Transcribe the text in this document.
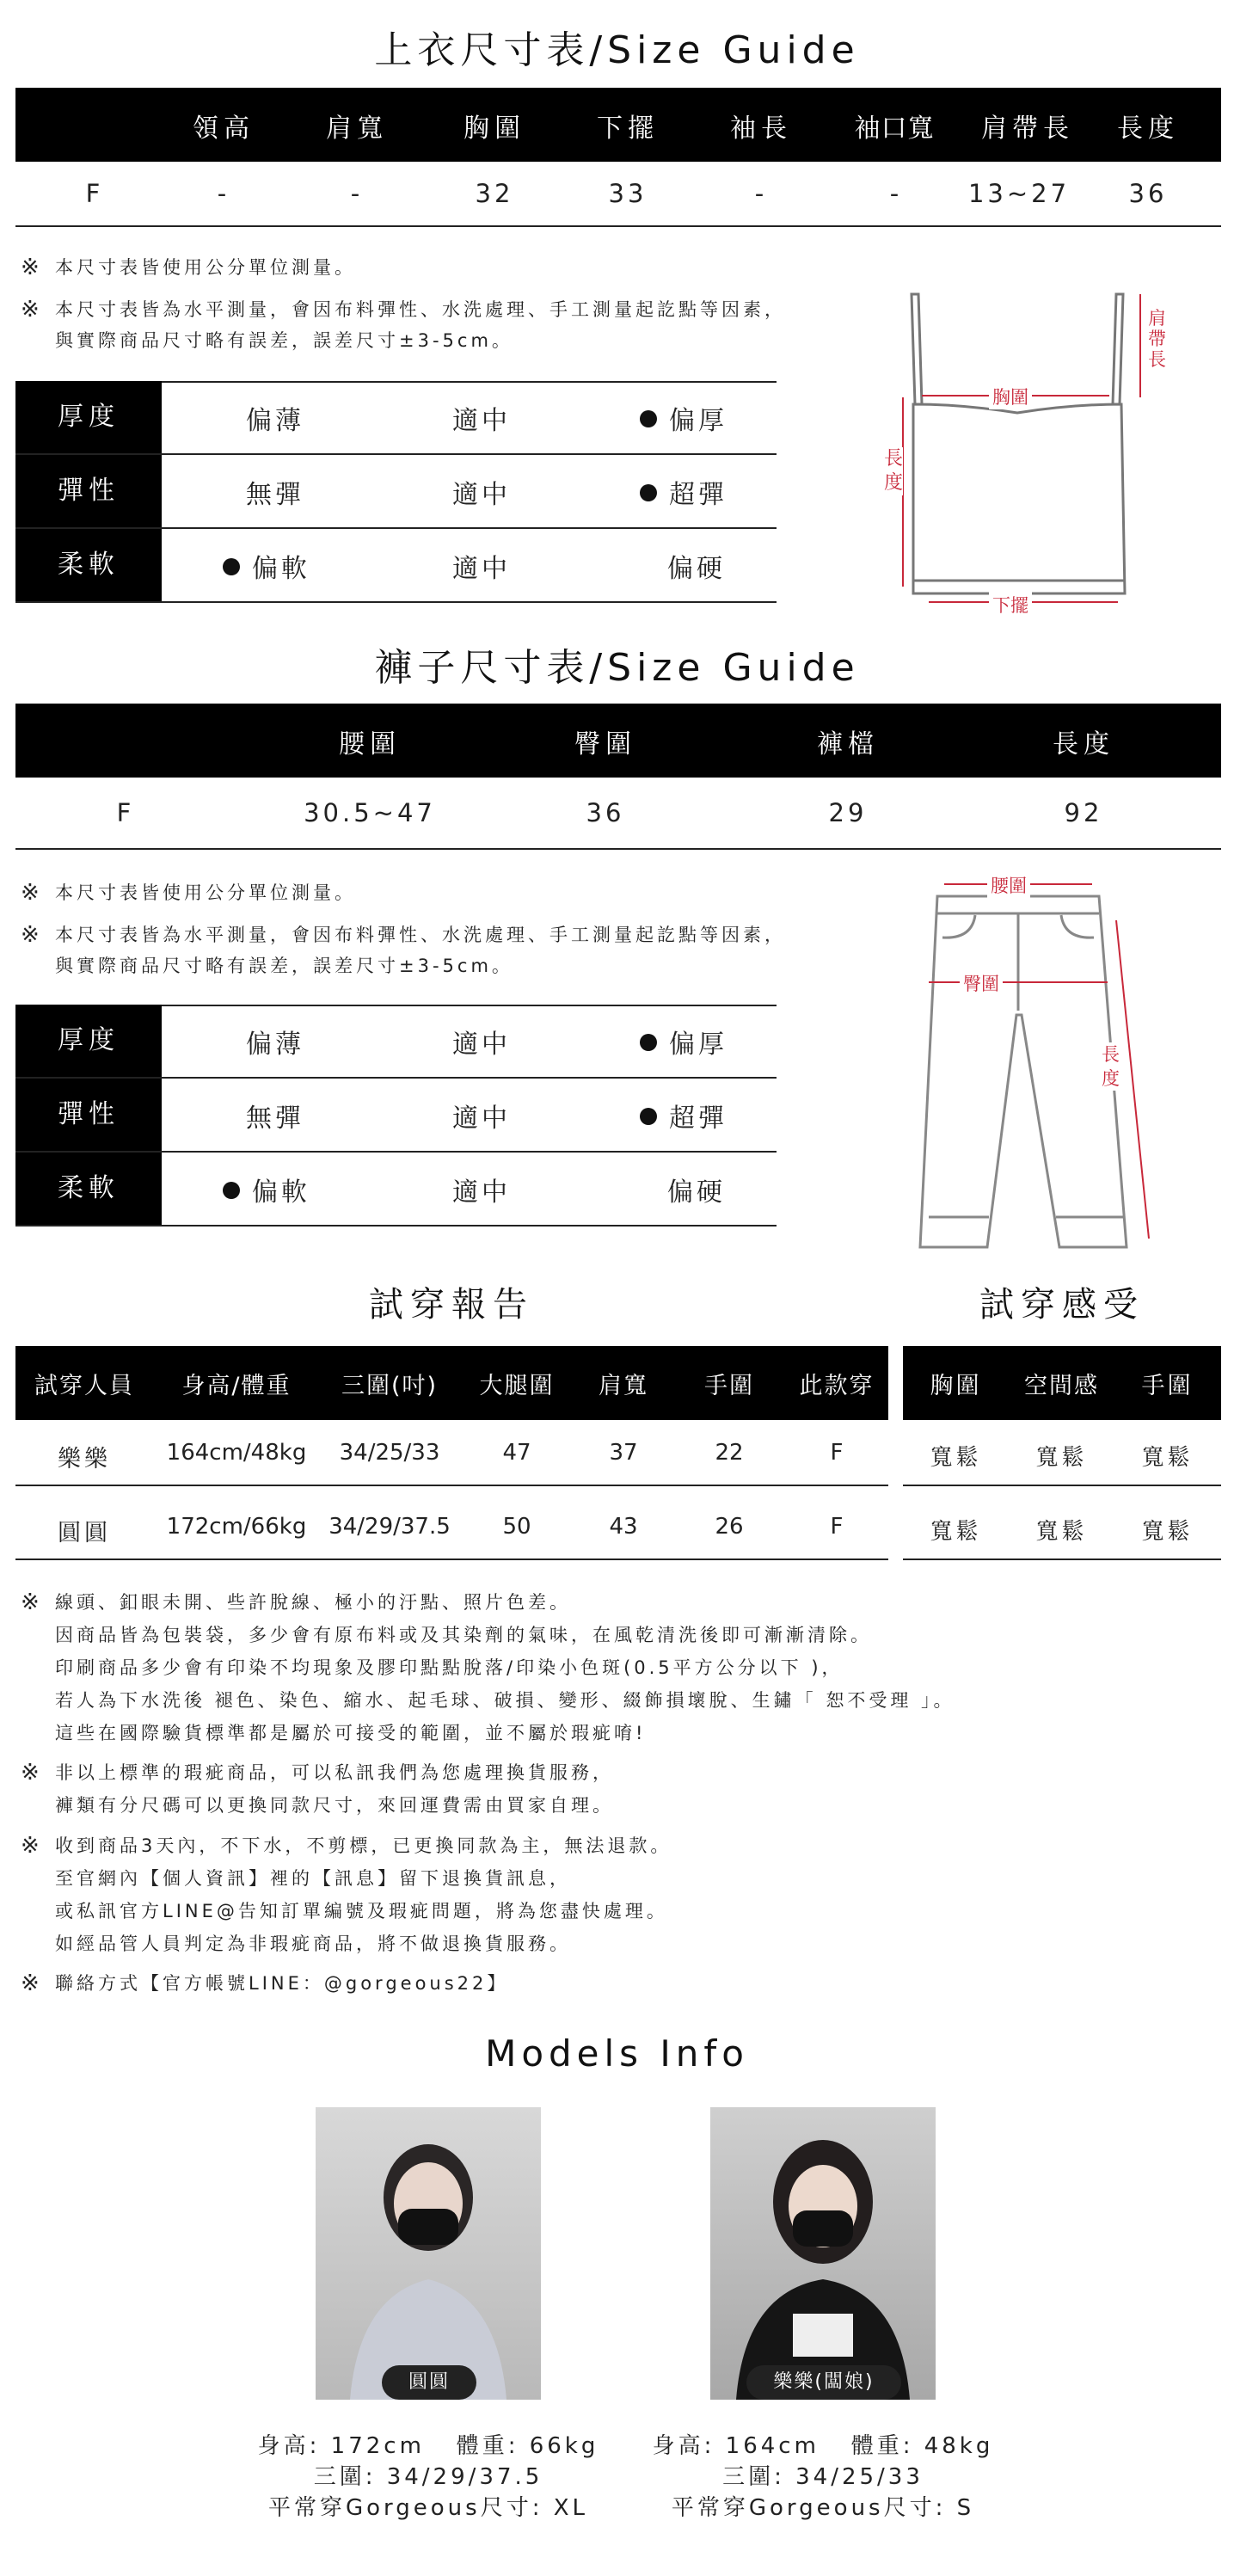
上衣尺寸表/Size Guide
領高	肩寬	胸圍	下擺	袖長	袖口寬	肩帶長	長度
F	-	-	32	33	-	-	13~27	36
※ 本尺寸表皆使用公分單位測量。
※ 本尺寸表皆為水平測量，會因布料彈性、水洗處理、手工測量起訖點等因素，
與實際商品尺寸略有誤差，誤差尺寸±3-5cm。
厚度	偏薄	適中	偏厚
彈性	無彈	適中	超彈
柔軟	偏軟	適中	偏硬
肩
帶
長
胸圍
長
度
下擺
褲子尺寸表/Size Guide
腰圍	臀圍	褲檔	長度
F	30.5~47	36	29	92
※ 本尺寸表皆使用公分單位測量。
※ 本尺寸表皆為水平測量，會因布料彈性、水洗處理、手工測量起訖點等因素，
與實際商品尺寸略有誤差，誤差尺寸±3-5cm。
厚度	偏薄	適中	偏厚
彈性	無彈	適中	超彈
柔軟	偏軟	適中	偏硬
腰圍
臀圍
長
度
試穿報告	試穿感受
試穿人員	身高/體重	三圍(吋)	大腿圍	肩寬	手圍	此款穿	胸圍	空間感	手圍
樂樂	164cm/48kg	34/25/33	47	37	22	F	寬鬆	寬鬆	寬鬆
圓圓	172cm/66kg 34/29/37.5	50	43	26	F	寬鬆	寬鬆	寬鬆
※ 線頭、釦眼未開、些許脫線、極小的汙點、照片色差。
因商品皆為包裝袋，多少會有原布料或及其染劑的氣味，在風乾清洗後即可漸漸清除。
印刷商品多少會有印染不均現象及膠印點點脫落/印染小色斑(0.5平方公分以下 )，
若人為下水洗後 褪色、染色、縮水、起毛球、破損、變形、綴飾損壞脫、生鏽「 恕不受理 」。
這些在國際驗貨標準都是屬於可接受的範圍，並不屬於瑕疵唷!
※ 非以上標準的瑕疵商品，可以私訊我們為您處理換貨服務，
褲類有分尺碼可以更換同款尺寸，來回運費需由買家自理。
※ 收到商品3天內，不下水，不剪標，已更換同款為主，無法退款。
至官網內【個人資訊】裡的【訊息】留下退換貨訊息，
或私訊官方LINE@告知訂單編號及瑕疵問題，將為您盡快處理。
如經品管人員判定為非瑕疵商品，將不做退換貨服務。
※ 聯絡方式【官方帳號LINE：@gorgeous22】
Models Info
圓圓
身高: 172cm   體重: 66kg
三圍: 34/29/37.5
平常穿Gorgeous尺寸: XL
樂樂(闆娘)
身高: 164cm   體重: 48kg
三圍: 34/25/33
平常穿Gorgeous尺寸: S
